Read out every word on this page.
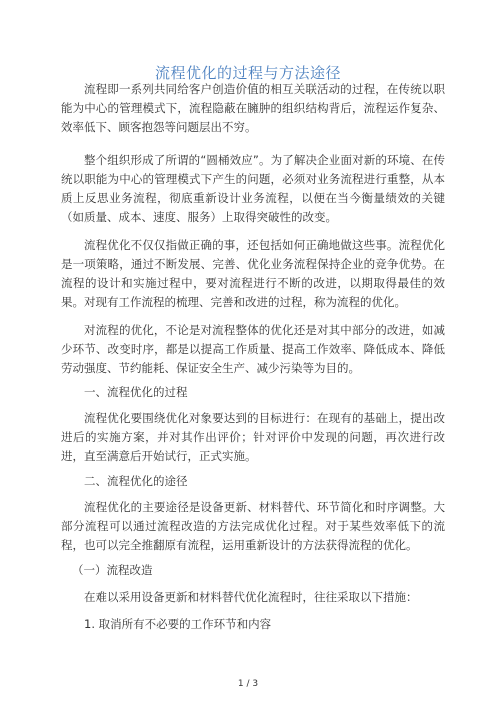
流程优化的过程与方法途径

流程即一系列共同给客户创造价值的相互关联活动的过程，在传统以职能为中心的管理模式下，流程隐蔽在臃肿的组织结构背后，流程运作复杂、效率低下、顾客抱怨等问题层出不穷。

整个组织形成了所谓的“圆桶效应”。为了解决企业面对新的环境、在传统以职能为中心的管理模式下产生的问题，必须对业务流程进行重整，从本质上反思业务流程，彻底重新设计业务流程，以便在当今衡量绩效的关键（如质量、成本、速度、服务）上取得突破性的改变。

流程优化不仅仅指做正确的事，还包括如何正确地做这些事。流程优化是一项策略，通过不断发展、完善、优化业务流程保持企业的竞争优势。在流程的设计和实施过程中，要对流程进行不断的改进，以期取得最佳的效果。对现有工作流程的梳理、完善和改进的过程，称为流程的优化。

对流程的优化，不论是对流程整体的优化还是对其中部分的改进，如减少环节、改变时序，都是以提高工作质量、提高工作效率、降低成本、降低劳动强度、节约能耗、保证安全生产、减少污染等为目的。

一、流程优化的过程

流程优化要围绕优化对象要达到的目标进行：在现有的基础上，提出改进后的实施方案，并对其作出评价；针对评价中发现的问题，再次进行改进，直至满意后开始试行，正式实施。

二、流程优化的途径

流程优化的主要途径是设备更新、材料替代、环节简化和时序调整。大部分流程可以通过流程改造的方法完成优化过程。对于某些效率低下的流程，也可以完全推翻原有流程，运用重新设计的方法获得流程的优化。

（一）流程改造

在难以采用设备更新和材料替代优化流程时，往往采取以下措施：

1. 取消所有不必要的工作环节和内容

1 / 3
